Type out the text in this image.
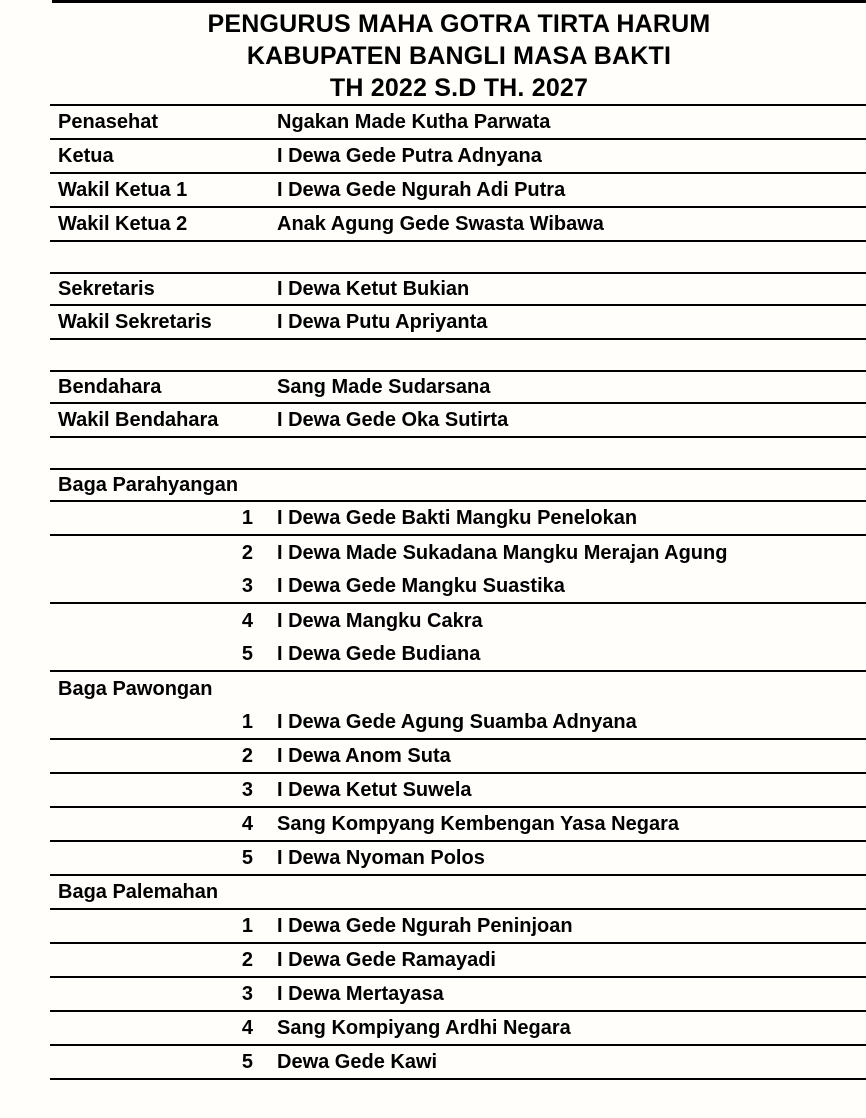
PENGURUS MAHA GOTRA TIRTA HARUM
KABUPATEN BANGLI MASA BAKTI
TH 2022 S.D TH. 2027
Penasehat	Ngakan Made Kutha Parwata
Ketua	I Dewa Gede Putra Adnyana
Wakil Ketua 1	I Dewa Gede Ngurah Adi Putra
Wakil Ketua 2	Anak Agung Gede Swasta Wibawa
Sekretaris	I Dewa Ketut Bukian
Wakil Sekretaris	I Dewa Putu Apriyanta
Bendahara	Sang Made Sudarsana
Wakil Bendahara	I Dewa Gede Oka Sutirta
Baga Parahyangan
1	I Dewa Gede Bakti Mangku Penelokan
2	I Dewa Made Sukadana Mangku Merajan Agung
3	I Dewa Gede Mangku Suastika
4	I Dewa Mangku Cakra
5	I Dewa Gede Budiana
Baga Pawongan
1	I Dewa Gede Agung Suamba Adnyana
2	I Dewa Anom Suta
3	I Dewa Ketut Suwela
4	Sang Kompyang Kembengan Yasa Negara
5	I Dewa Nyoman Polos
Baga Palemahan
1	I Dewa Gede Ngurah Peninjoan
2	I Dewa Gede Ramayadi
3	I Dewa Mertayasa
4	Sang Kompiyang Ardhi Negara
5	Dewa Gede Kawi
